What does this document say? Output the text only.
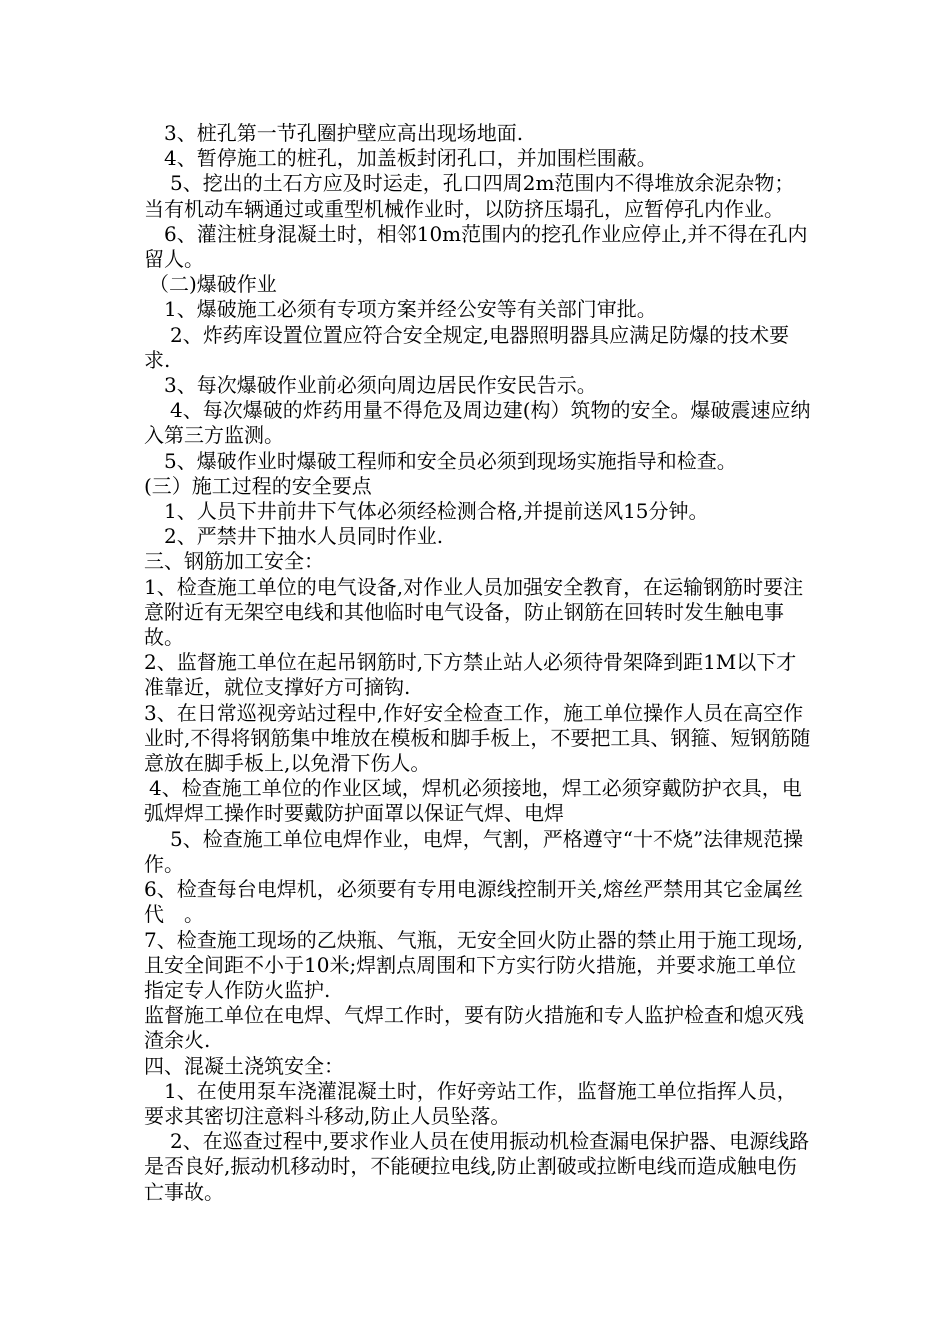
3、桩孔第一节孔圈护壁应高出现场地面.

4、暂停施工的桩孔，加盖板封闭孔口，并加围栏围蔽。

5、挖出的土石方应及时运走，孔口四周2m范围内不得堆放余泥杂物；当有机动车辆通过或重型机械作业时，以防挤压塌孔，应暂停孔内作业。

6、灌注桩身混凝土时，相邻10m范围内的挖孔作业应停止,并不得在孔内留人。

（二)爆破作业

1、爆破施工必须有专项方案并经公安等有关部门审批。

2、炸药库设置位置应符合安全规定,电器照明器具应满足防爆的技术要求.

3、每次爆破作业前必须向周边居民作安民告示。

4、每次爆破的炸药用量不得危及周边建(构）筑物的安全。爆破震速应纳入第三方监测。

5、爆破作业时爆破工程师和安全员必须到现场实施指导和检查。

(三）施工过程的安全要点

1、人员下井前井下气体必须经检测合格,并提前送风15分钟。

2、严禁井下抽水人员同时作业.

三、钢筋加工安全：

1、检查施工单位的电气设备,对作业人员加强安全教育，在运输钢筋时要注意附近有无架空电线和其他临时电气设备，防止钢筋在回转时发生触电事故。

2、监督施工单位在起吊钢筋时,下方禁止站人必须待骨架降到距1M以下才准靠近，就位支撑好方可摘钩.

3、在日常巡视旁站过程中,作好安全检查工作，施工单位操作人员在高空作业时,不得将钢筋集中堆放在模板和脚手板上，不要把工具、钢箍、短钢筋随意放在脚手板上,以免滑下伤人。

4、检查施工单位的作业区域，焊机必须接地，焊工必须穿戴防护衣具，电弧焊焊工操作时要戴防护面罩以保证气焊、电焊

5、检查施工单位电焊作业，电焊，气割，严格遵守“十不烧”法律规范操作。

6、检查每台电焊机，必须要有专用电源线控制开关,熔丝严禁用其它金属丝代　。

7、检查施工现场的乙炔瓶、气瓶，无安全回火防止器的禁止用于施工现场,且安全间距不小于10米;焊割点周围和下方实行防火措施，并要求施工单位指定专人作防火监护.

监督施工单位在电焊、气焊工作时，要有防火措施和专人监护检查和熄灭残渣余火.

四、混凝土浇筑安全：

1、在使用泵车浇灌混凝土时，作好旁站工作，监督施工单位指挥人员，要求其密切注意料斗移动,防止人员坠落。

2、在巡查过程中,要求作业人员在使用振动机检查漏电保护器、电源线路是否良好,振动机移动时，不能硬拉电线,防止割破或拉断电线而造成触电伤亡事故。
